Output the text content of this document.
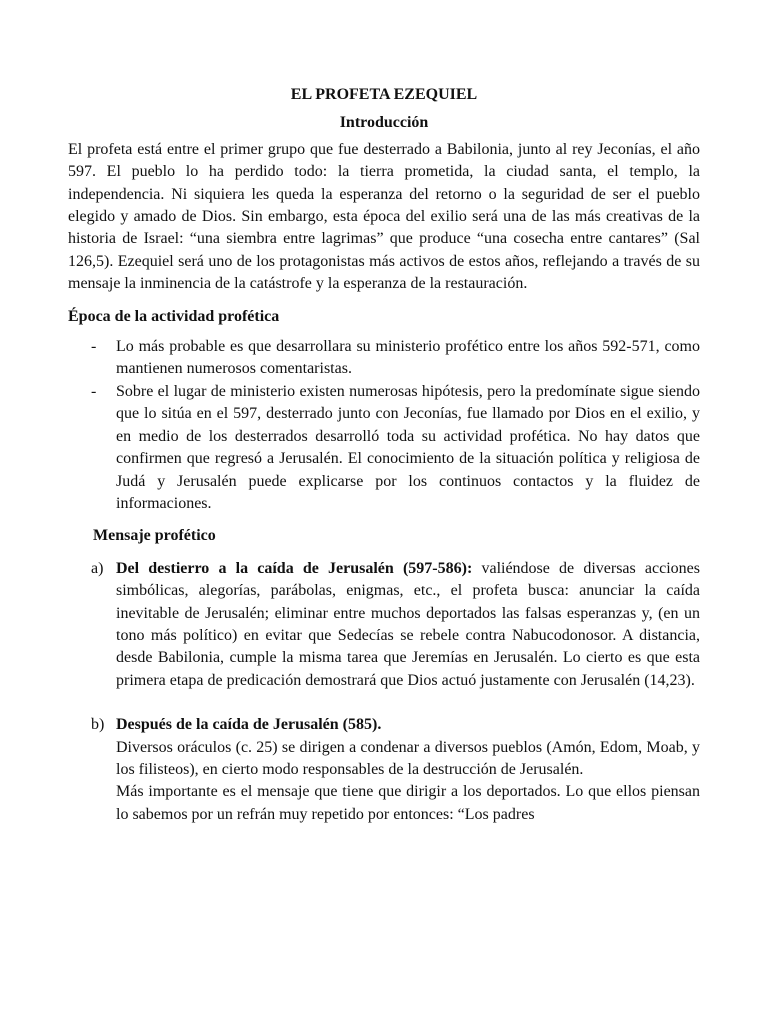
EL PROFETA EZEQUIEL
Introducción

El profeta está entre el primer grupo que fue desterrado a Babilonia, junto al rey Jeconías, el año 597. El pueblo lo ha perdido todo: la tierra prometida, la ciudad santa, el templo, la independencia. Ni siquiera les queda la esperanza del retorno o la seguridad de ser el pueblo elegido y amado de Dios. Sin embargo, esta época del exilio será una de las más creativas de la historia de Israel: “una siembra entre lagrimas” que produce “una cosecha entre cantares” (Sal 126,5). Ezequiel será uno de los protagonistas más activos de estos años, reflejando a través de su mensaje la inminencia de la catástrofe y la esperanza de la restauración.

Época de la actividad profética
- Lo más probable es que desarrollara su ministerio profético entre los años 592-571, como mantienen numerosos comentaristas.
- Sobre el lugar de ministerio existen numerosas hipótesis, pero la predomínate sigue siendo que lo sitúa en el 597, desterrado junto con Jeconías, fue llamado por Dios en el exilio, y en medio de los desterrados desarrolló toda su actividad profética. No hay datos que confirmen que regresó a Jerusalén. El conocimiento de la situación política y religiosa de Judá y Jerusalén puede explicarse por los continuos contactos y la fluidez de informaciones.
Mensaje profético
a) Del destierro a la caída de Jerusalén (597-586): valiéndose de diversas acciones simbólicas, alegorías, parábolas, enigmas, etc., el profeta busca: anunciar la caída inevitable de Jerusalén; eliminar entre muchos deportados las falsas esperanzas y, (en un tono más político) en evitar que Sedecías se rebele contra Nabucodonosor. A distancia, desde Babilonia, cumple la misma tarea que Jeremías en Jerusalén. Lo cierto es que esta primera etapa de predicación demostrará que Dios actuó justamente con Jerusalén (14,23).
b) Después de la caída de Jerusalén (585).
Diversos oráculos (c. 25) se dirigen a condenar a diversos pueblos (Amón, Edom, Moab, y los filisteos), en cierto modo responsables de la destrucción de Jerusalén.
Más importante es el mensaje que tiene que dirigir a los deportados. Lo que ellos piensan lo sabemos por un refrán muy repetido por entonces: “Los padres
